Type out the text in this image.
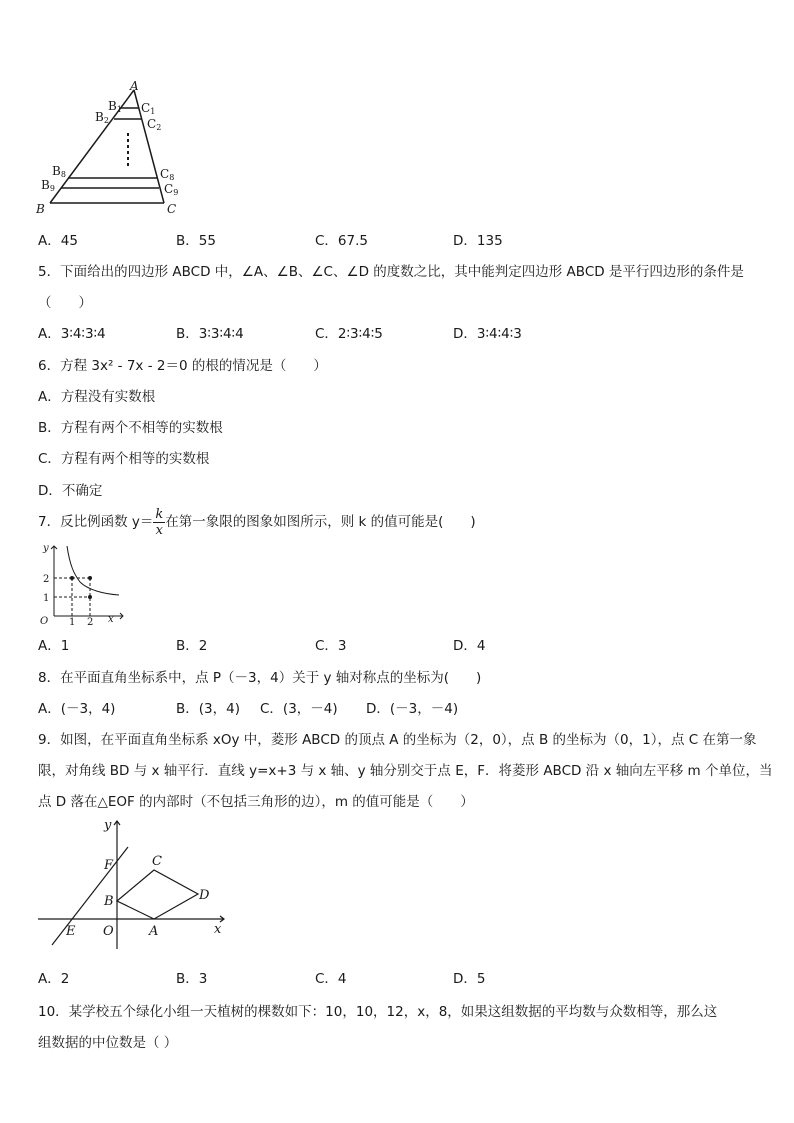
A
B1
B2
C1
C2
B8
B9
C8
C9
B	C
A．45	B．55	C．67.5	D．135
5．下面给出的四边形 ABCD 中，∠A、∠B、∠C、∠D 的度数之比，其中能判定四边形 ABCD 是平行四边形的条件是
（　　）
A．3∶4∶3∶4	B．3∶3∶4∶4	C．2∶3∶4∶5	D．3∶4∶4∶3
6．方程 3x² - 7x - 2＝0 的根的情况是（　　）
A．方程没有实数根
B．方程有两个不相等的实数根
C．方程有两个相等的实数根
D．不确定
7．反比例函数 $y= \frac{k}{x}$ 在第一象限的图象如图所示，则 k 的值可能是(　　)
y
x
O
2
1
1 2
A．1	B．2	C．3	D．4
8．在平面直角坐标系中，点 P（－3，4）关于 y 轴对称点的坐标为(　　)
A．(－3，4)	B．(3，4) C．(3，－4) D．(－3，－4)
9．如图，在平面直角坐标系 xOy 中，菱形 ABCD 的顶点 A 的坐标为（2，0），点 B 的坐标为（0，1），点 C 在第一象
限，对角线 BD 与 x 轴平行．直线 y=x+3 与 x 轴、y 轴分别交于点 E，F．将菱形 ABCD 沿 x 轴向左平移 m 个单位，当
点 D 落在△EOF 的内部时（不包括三角形的边），m 的值可能是（　　）
y
x
F	C
B	D
E O	A
A．2	B．3	C．4	D．5
10．某学校五个绿化小组一天植树的棵数如下：10，10，12，x，8，如果这组数据的平均数与众数相等，那么这
组数据的中位数是（ ）
